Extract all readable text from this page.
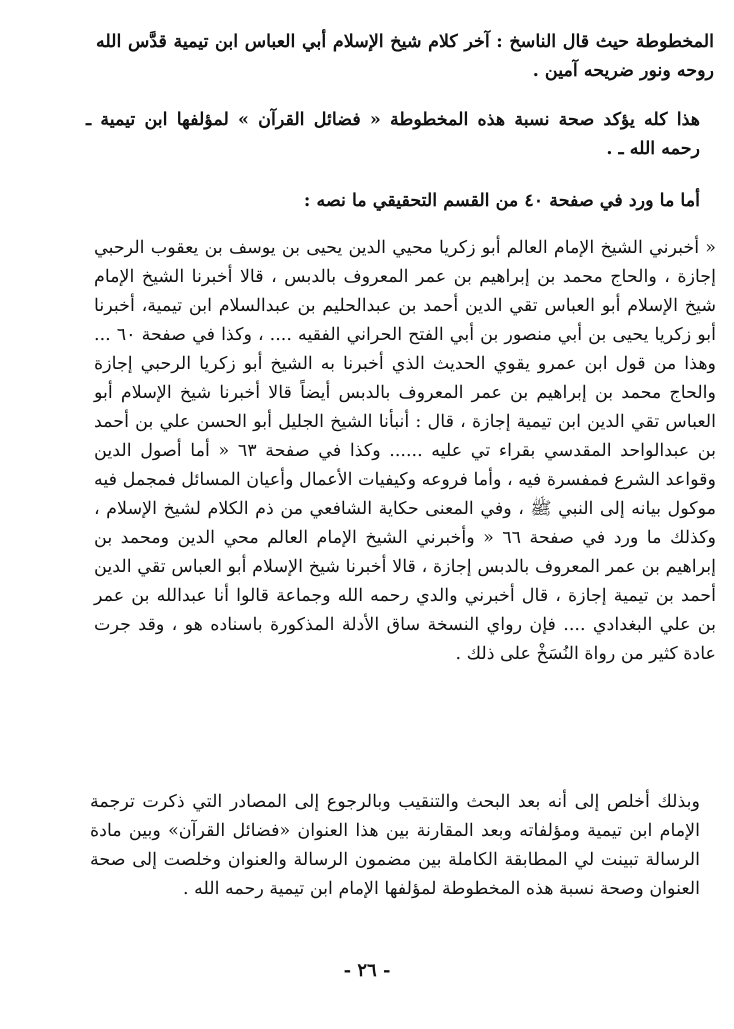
المخطوطة حيث قال الناسخ : آخر كلام شيخ الإسلام أبي العباس ابن تيمية قدَّس الله روحه ونور ضريحه آمين .

هذا كله يؤكد صحة نسبة هذه المخطوطة « فضائل القرآن » لمؤلفها ابن تيمية ـ رحمه الله ـ .

أما ما ورد في صفحة ٤٠ من القسم التحقيقي ما نصه :

« أخبرني الشيخ الإمام العالم أبو زكريا محيي الدين يحيى بن يوسف بن يعقوب الرحبي إجازة ، والحاج محمد بن إبراهيم بن عمر المعروف بالدبس ، قالا أخبرنا الشيخ الإمام شيخ الإسلام أبو العباس تقي الدين أحمد بن عبدالحليم بن عبدالسلام ابن تيمية، أخبرنا أبو زكريا يحيى بن أبي منصور بن أبي الفتح الحراني الفقيه .... ، وكذا في صفحة ٦٠ ... وهذا من قول ابن عمرو يقوي الحديث الذي أخبرنا به الشيخ أبو زكريا الرحبي إجازة والحاج محمد بن إبراهيم بن عمر المعروف بالدبس أيضاً قالا أخبرنا شيخ الإسلام أبو العباس تقي الدين ابن تيمية إجازة ، قال : أنبأنا الشيخ الجليل أبو الحسن علي بن أحمد بن عبدالواحد المقدسي بقراء تي عليه ...... وكذا في صفحة ٦٣ « أما أصول الدين وقواعد الشرع فمفسرة فيه ، وأما فروعه وكيفيات الأعمال وأعيان المسائل فمجمل فيه موكول بيانه إلى النبي ﷺ ، وفي المعنى حكاية الشافعي من ذم الكلام لشيخ الإسلام ، وكذلك ما ورد في صفحة ٦٦ « وأخبرني الشيخ الإمام العالم محي الدين ومحمد بن إبراهيم بن عمر المعروف بالدبس إجازة ، قالا أخبرنا شيخ الإسلام أبو العباس تقي الدين أحمد بن تيمية إجازة ، قال أخبرني والدي رحمه الله وجماعة قالوا أنا عبدالله بن عمر بن علي البغدادي .... فإن رواي النسخة ساق الأدلة المذكورة باسناده هو ، وقد جرت عادة كثير من رواة النُسَخْ على ذلك .

وبذلك أخلص إلى أنه بعد البحث والتنقيب وبالرجوع إلى المصادر التي ذكرت ترجمة الإمام ابن تيمية ومؤلفاته وبعد المقارنة بين هذا العنوان «فضائل القرآن» وبين مادة الرسالة تبينت لي المطابقة الكاملة بين مضمون الرسالة والعنوان وخلصت إلى صحة العنوان وصحة نسبة هذه المخطوطة لمؤلفها الإمام ابن تيمية رحمه الله .

- ٢٦ -
